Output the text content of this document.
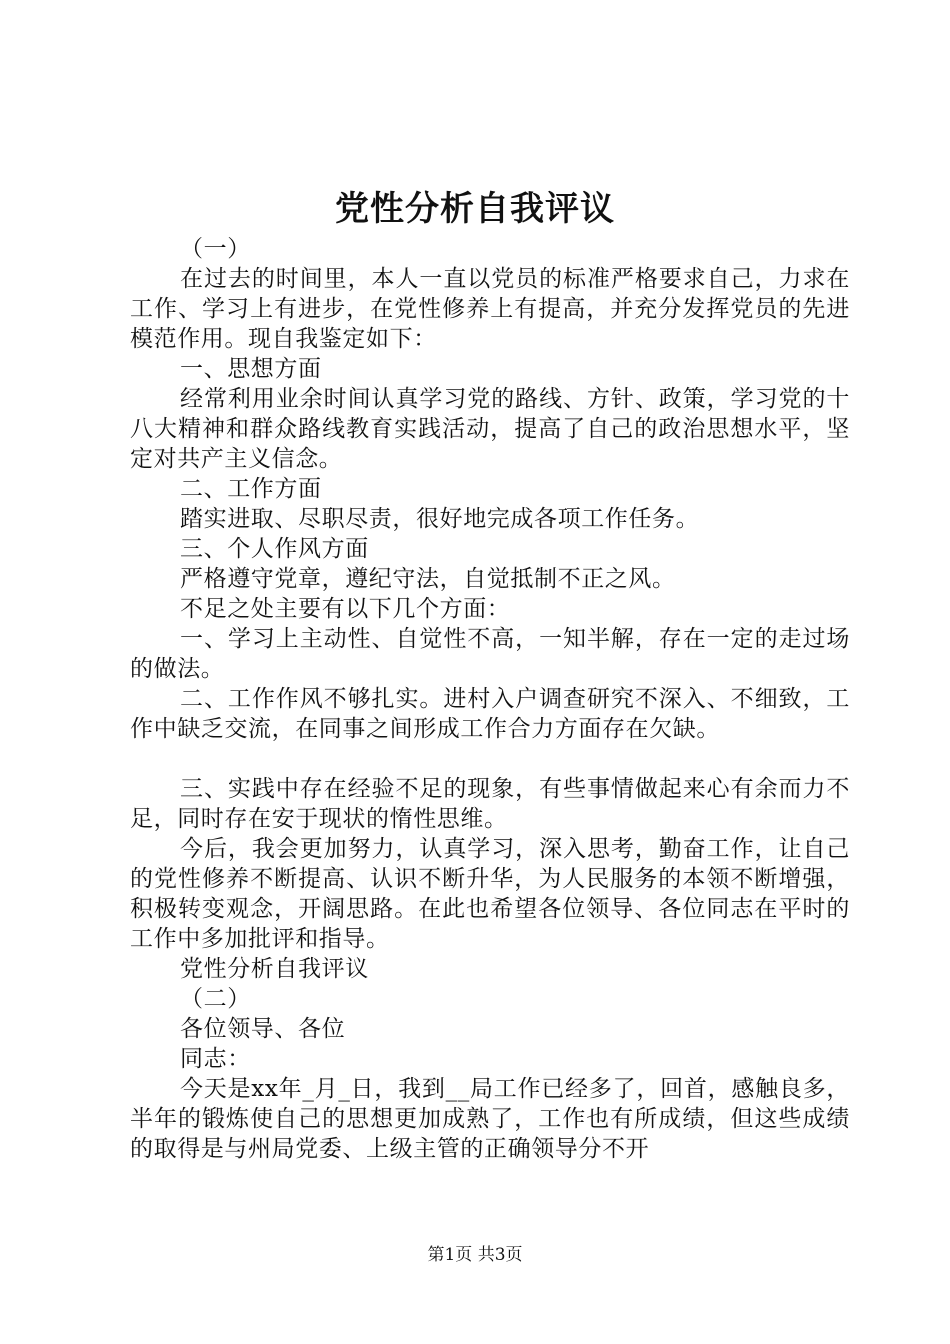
党性分析自我评议

（一）

在过去的时间里，本人一直以党员的标准严格要求自己，力求在工作、学习上有进步，在党性修养上有提高，并充分发挥党员的先进模范作用。现自我鉴定如下：

一、思想方面

经常利用业余时间认真学习党的路线、方针、政策，学习党的十八大精神和群众路线教育实践活动，提高了自己的政治思想水平，坚定对共产主义信念。

二、工作方面

踏实进取、尽职尽责，很好地完成各项工作任务。

三、个人作风方面

严格遵守党章，遵纪守法，自觉抵制不正之风。

不足之处主要有以下几个方面：

一、学习上主动性、自觉性不高，一知半解，存在一定的走过场的做法。

二、工作作风不够扎实。进村入户调查研究不深入、不细致，工作中缺乏交流，在同事之间形成工作合力方面存在欠缺。

三、实践中存在经验不足的现象，有些事情做起来心有余而力不足，同时存在安于现状的惰性思维。

今后，我会更加努力，认真学习，深入思考，勤奋工作，让自己的党性修养不断提高、认识不断升华，为人民服务的本领不断增强，积极转变观念，开阔思路。在此也希望各位领导、各位同志在平时的工作中多加批评和指导。

党性分析自我评议

（二）

各位领导、各位

同志：

今天是xx年_月_日，我到__局工作已经多了，回首，感触良多，半年的锻炼使自己的思想更加成熟了，工作也有所成绩，但这些成绩的取得是与州局党委、上级主管的正确领导分不开

第1页 共3页
